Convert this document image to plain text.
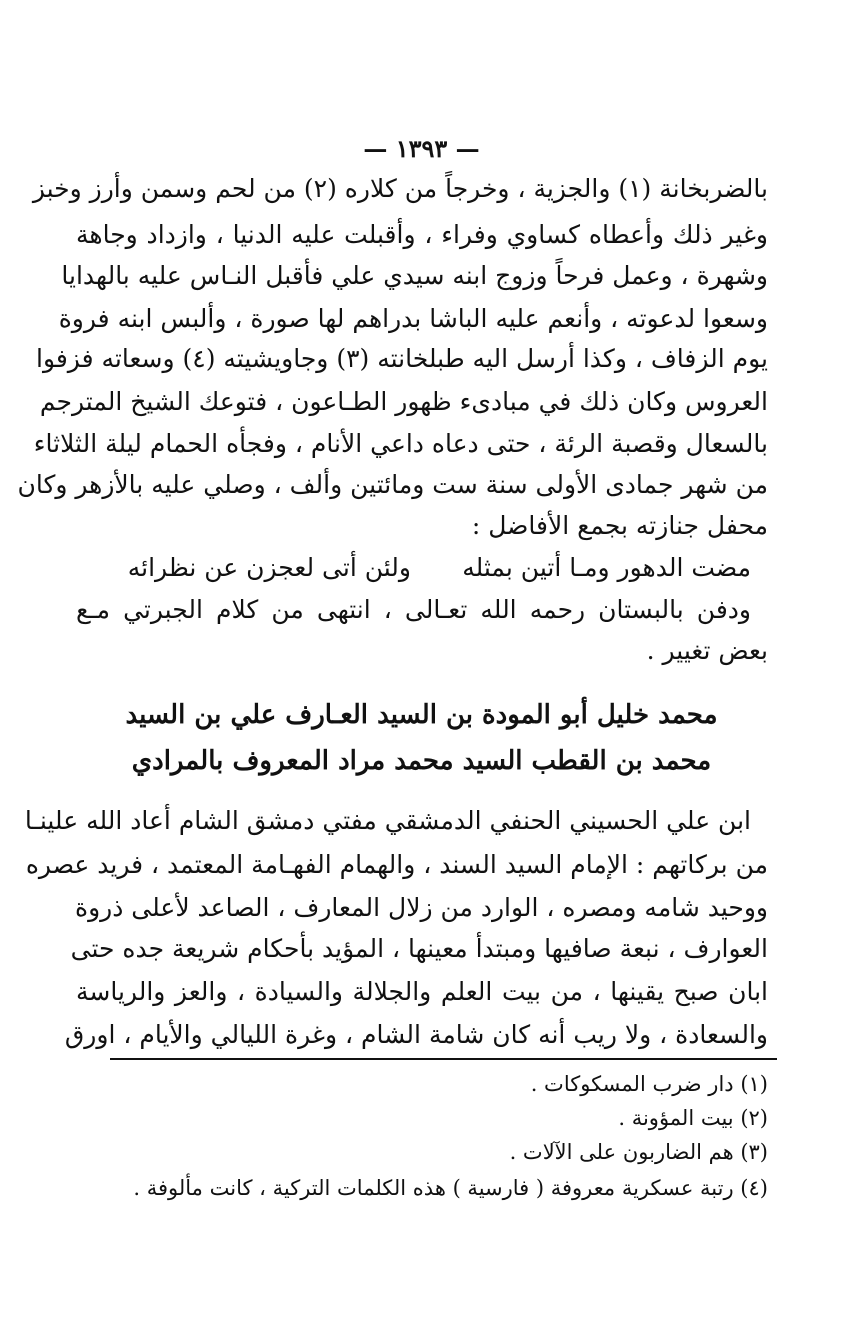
— ١٣٩٣ —
بالضربخانة (١) والجزية ، وخرجاً من كلاره (٢) من لحم وسمن وأرز وخبز
وغير ذلك وأعطاه كساوي وفراء ، وأقبلت عليه الدنيا ، وازداد وجاهة
وشهرة ، وعمل فرحاً وزوج ابنه سيدي علي فأقبل النـاس عليه بالهدايا
وسعوا لدعوته ، وأنعم عليه الباشا بدراهم لها صورة ، وألبس ابنه فروة
يوم الزفاف ، وكذا أرسل اليه طبلخانته (٣) وجاويشيته (٤) وسعاته فزفوا
العروس وكان ذلك في مبادىء ظهور الطـاعون ، فتوعك الشيخ المترجم
بالسعال وقصبة الرئة ، حتى دعاه داعي الأنام ، وفجأه الحمام ليلة الثلاثاء
من شهر جمادى الأولى سنة ست ومائتين وألف ، وصلي عليه بالأزهر وكان
محفل جنازته بجمع الأفاضل :
مضت الدهور ومـا أتين بمثله
ولئن أتى لعجزن عن نظرائه
ودفن بالبستان رحمه الله تعـالى ، انتهى من كلام الجبرتي مـع
بعض تغيير .
محمد خليل أبو المودة بن السيد العـارف علي بن السيد
محمد بن القطب السيد محمد مراد المعروف بالمرادي
ابن علي الحسيني الحنفي الدمشقي مفتي دمشق الشام أعاد الله علينـا
من بركاتهم : الإمام السيد السند ، والهمام الفهـامة المعتمد ، فريد عصره
ووحيد شامه ومصره ، الوارد من زلال المعارف ، الصاعد لأعلى ذروة
العوارف ، نبعة صافيها ومبتدأ معينها ، المؤيد بأحكام شريعة جده حتى
ابان صبح يقينها ، من بيت العلم والجلالة والسيادة ، والعز والرياسة
والسعادة ، ولا ريب أنه كان شامة الشام ، وغرة الليالي والأيام ، اورق
(١) دار ضرب المسكوكات .
(٢) بيت المؤونة .
(٣) هم الضاربون على الآلات .
(٤) رتبة عسكرية معروفة ( فارسية ) هذه الكلمات التركية ، كانت مألوفة .
